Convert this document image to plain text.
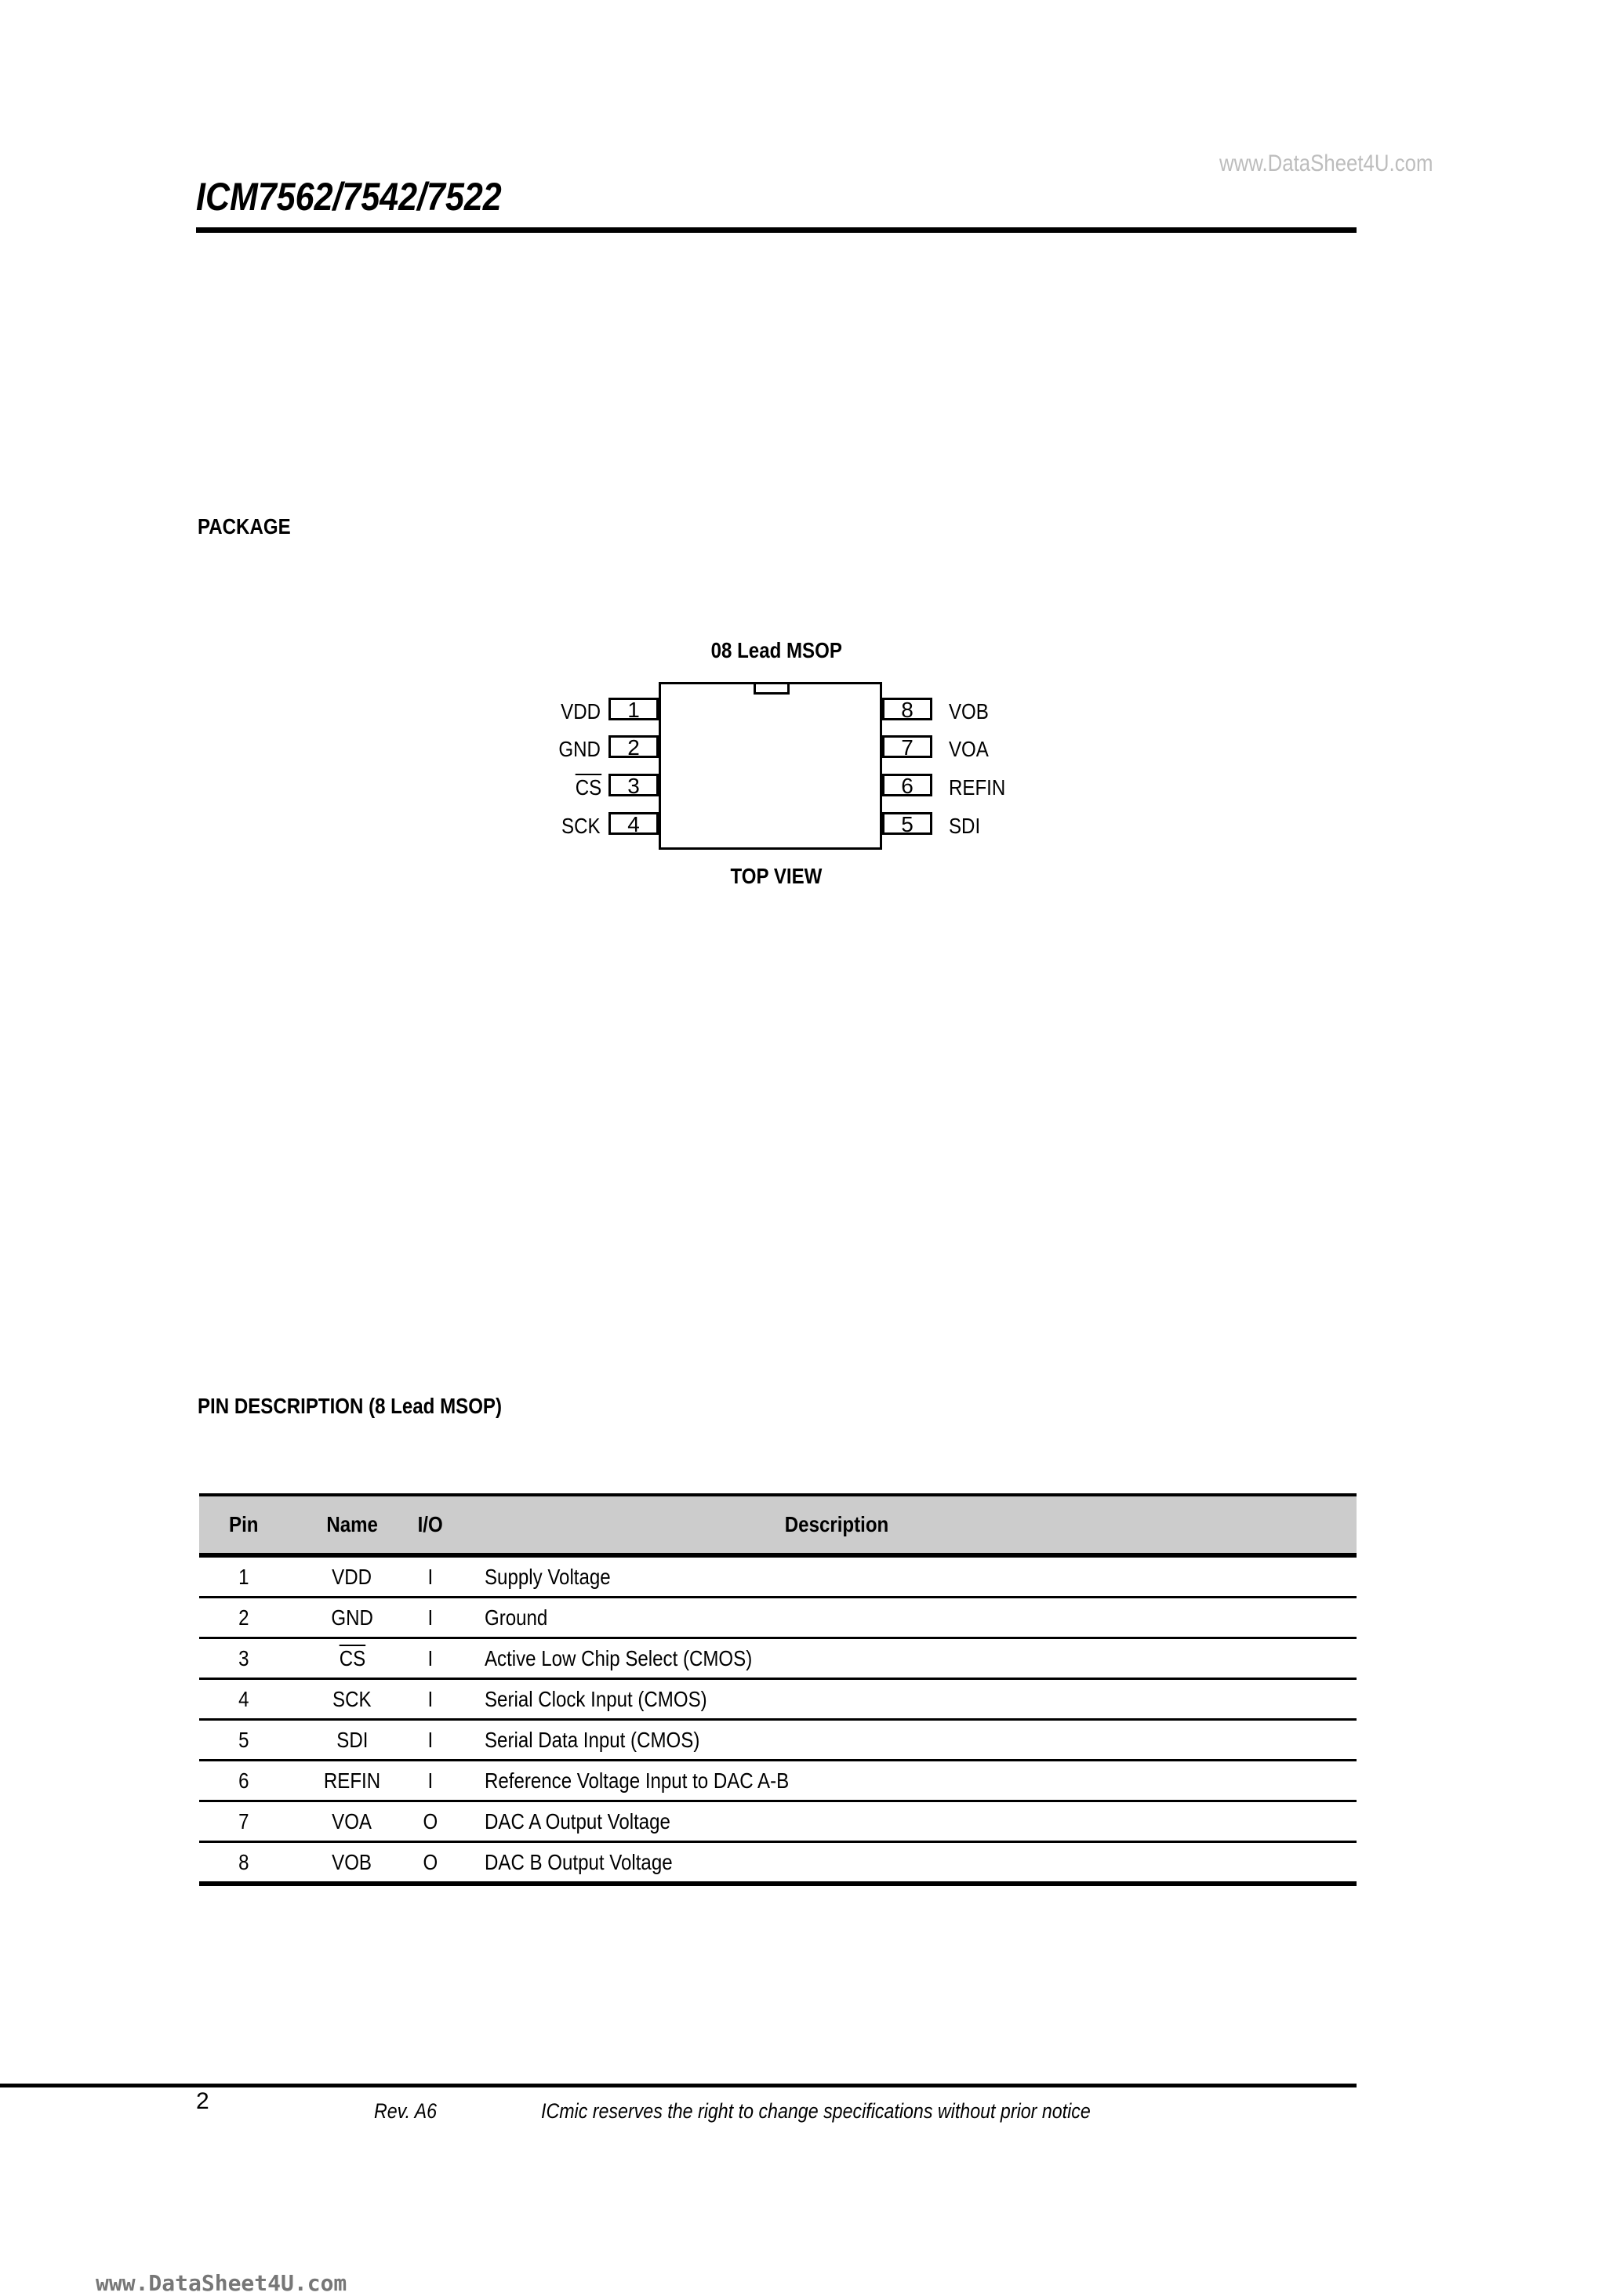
www.DataSheet4U.com
ICM7562/7542/7522
PACKAGE
08 Lead MSOP
VDD	1
GND	2
$\overline{CS}$	3
SCK	4
8	VOB
7	VOA
6	REFIN
5	SDI
TOP VIEW
PIN DESCRIPTION (8 Lead MSOP)
Pin	Name	I/O	Description
1	VDD	I	Supply Voltage
2	GND	I	Ground
3	$\overline{CS}$	I	Active Low Chip Select (CMOS)
4	SCK	I	Serial Clock Input (CMOS)
5	SDI	I	Serial Data Input (CMOS)
6	REFIN	I	Reference Voltage Input to DAC A-B
7	VOA	O	DAC A Output Voltage
8	VOB	O	DAC B Output Voltage
2	Rev. A6	ICmic reserves the right to change specifications without prior notice
www.DataSheet4U.com
